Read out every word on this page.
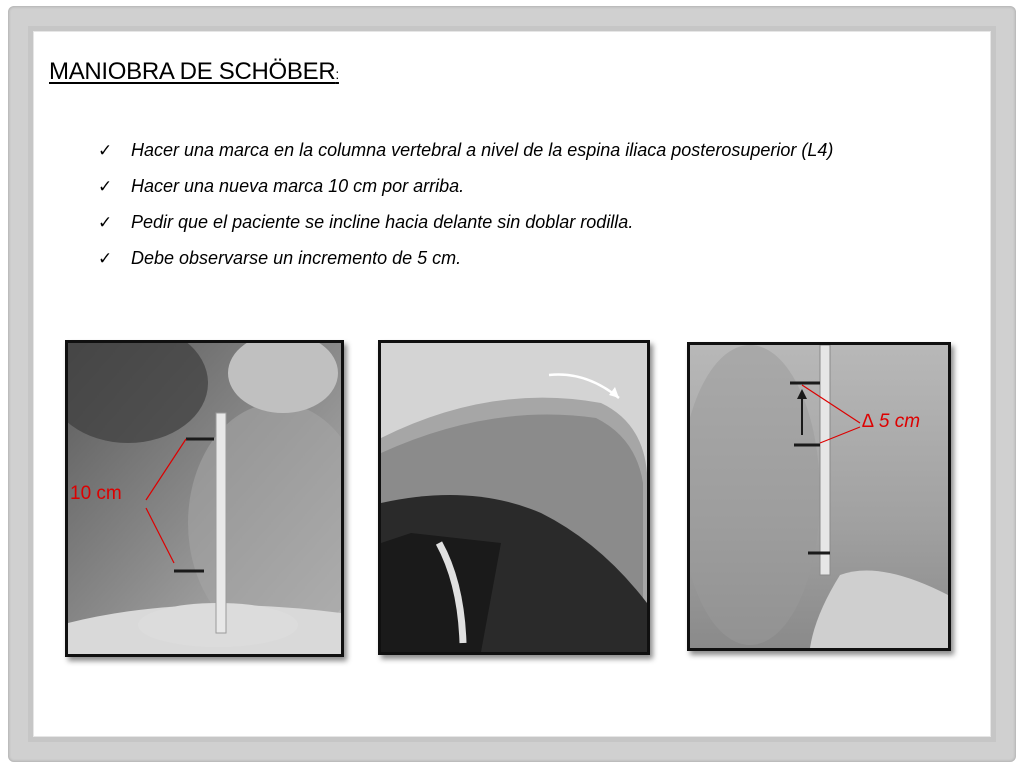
MANIOBRA DE SCHÖBER:
✓ Hacer una marca en la columna vertebral a nivel de la espina iliaca posterosuperior (L4)
✓ Hacer una nueva marca 10 cm por arriba.
✓ Pedir que el paciente se incline hacia delante sin doblar rodilla.
✓ Debe observarse un incremento de 5 cm.
10 cm
∆ 5 cm
